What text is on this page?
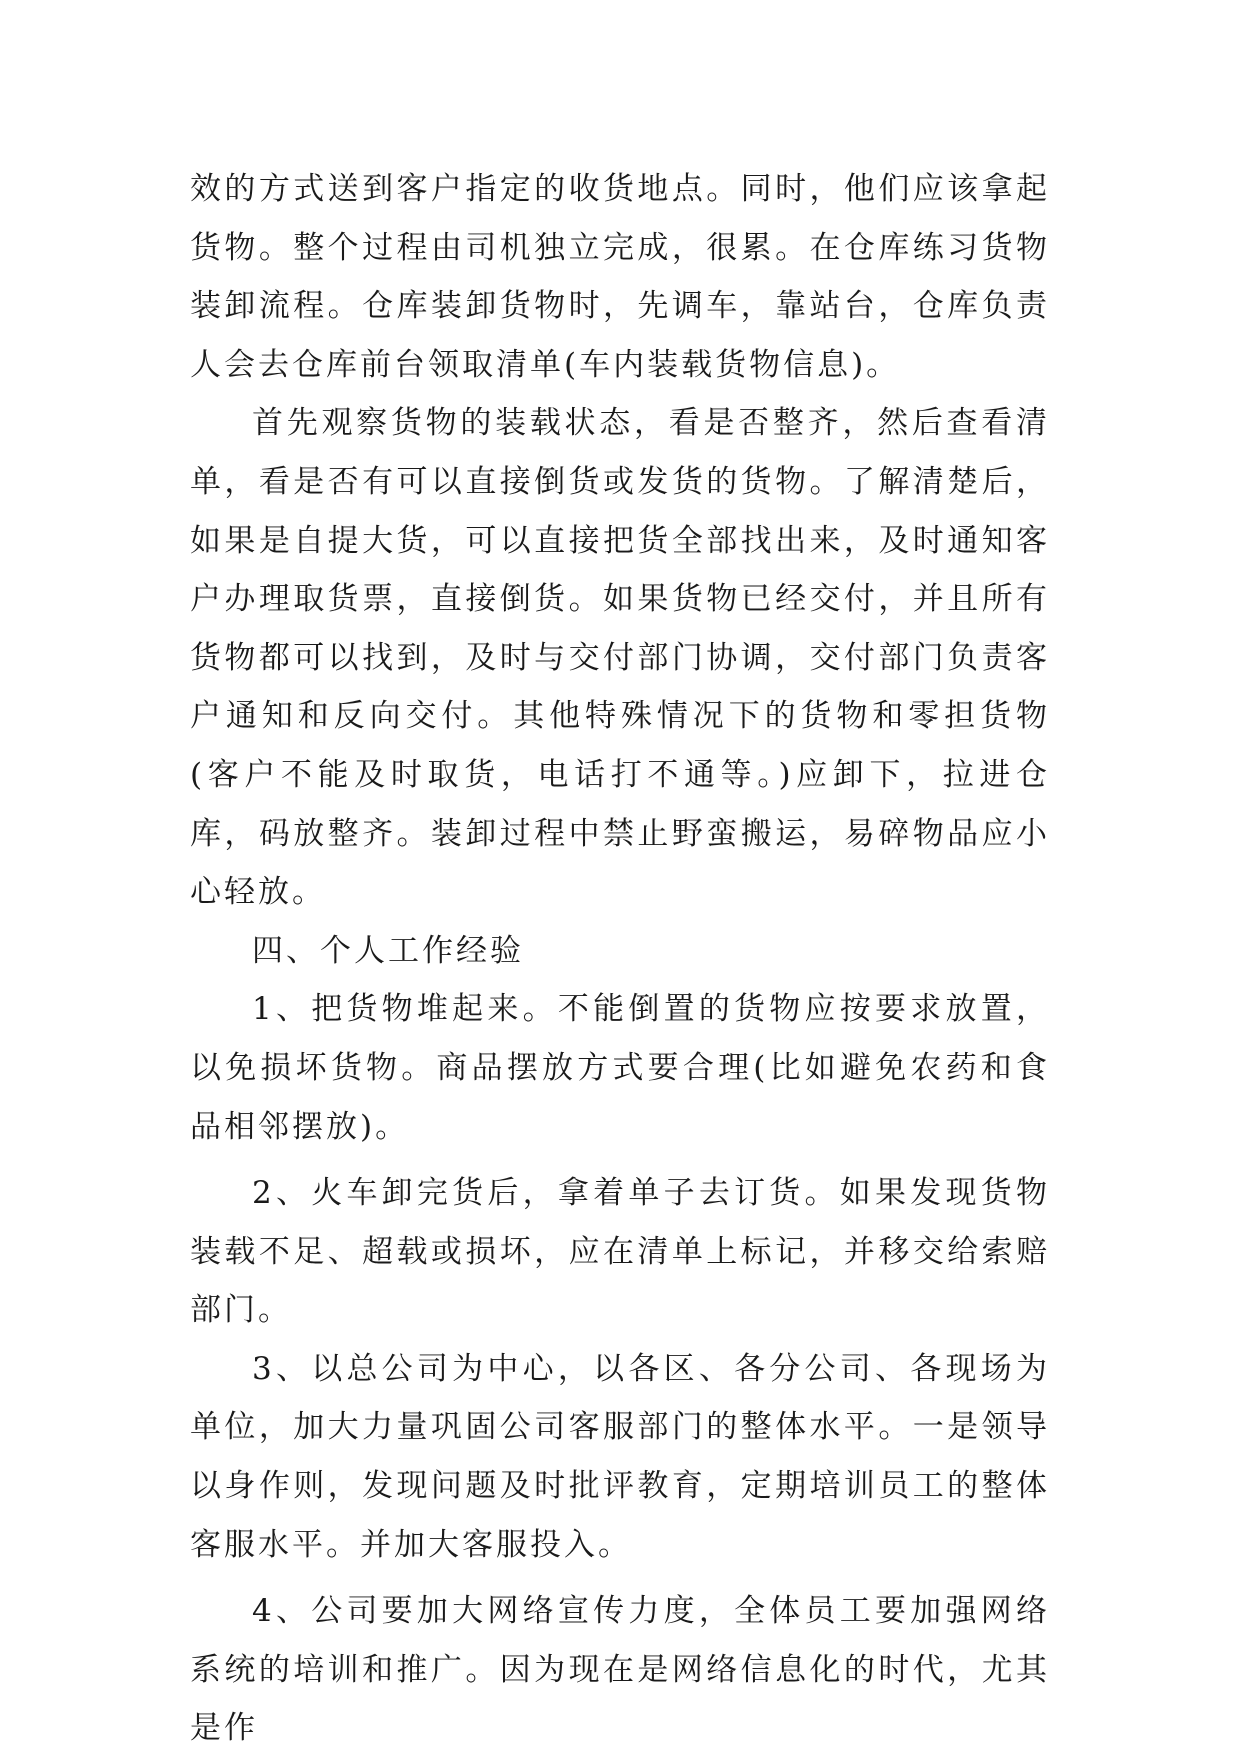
效的方式送到客户指定的收货地点。同时，他们应该拿起货物。整个过程由司机独立完成，很累。在仓库练习货物装卸流程。仓库装卸货物时，先调车，靠站台，仓库负责人会去仓库前台领取清单(车内装载货物信息)。

首先观察货物的装载状态，看是否整齐，然后查看清单，看是否有可以直接倒货或发货的货物。了解清楚后，如果是自提大货，可以直接把货全部找出来，及时通知客户办理取货票，直接倒货。如果货物已经交付，并且所有货物都可以找到，及时与交付部门协调，交付部门负责客户通知和反向交付。其他特殊情况下的货物和零担货物(客户不能及时取货，电话打不通等。)应卸下，拉进仓库，码放整齐。装卸过程中禁止野蛮搬运，易碎物品应小心轻放。

四、个人工作经验

1、把货物堆起来。不能倒置的货物应按要求放置，以免损坏货物。商品摆放方式要合理(比如避免农药和食品相邻摆放)。

2、火车卸完货后，拿着单子去订货。如果发现货物装载不足、超载或损坏，应在清单上标记，并移交给索赔部门。

3、以总公司为中心，以各区、各分公司、各现场为单位，加大力量巩固公司客服部门的整体水平。一是领导以身作则，发现问题及时批评教育，定期培训员工的整体客服水平。并加大客服投入。

4、公司要加大网络宣传力度，全体员工要加强网络系统的培训和推广。因为现在是网络信息化的时代，尤其是作
